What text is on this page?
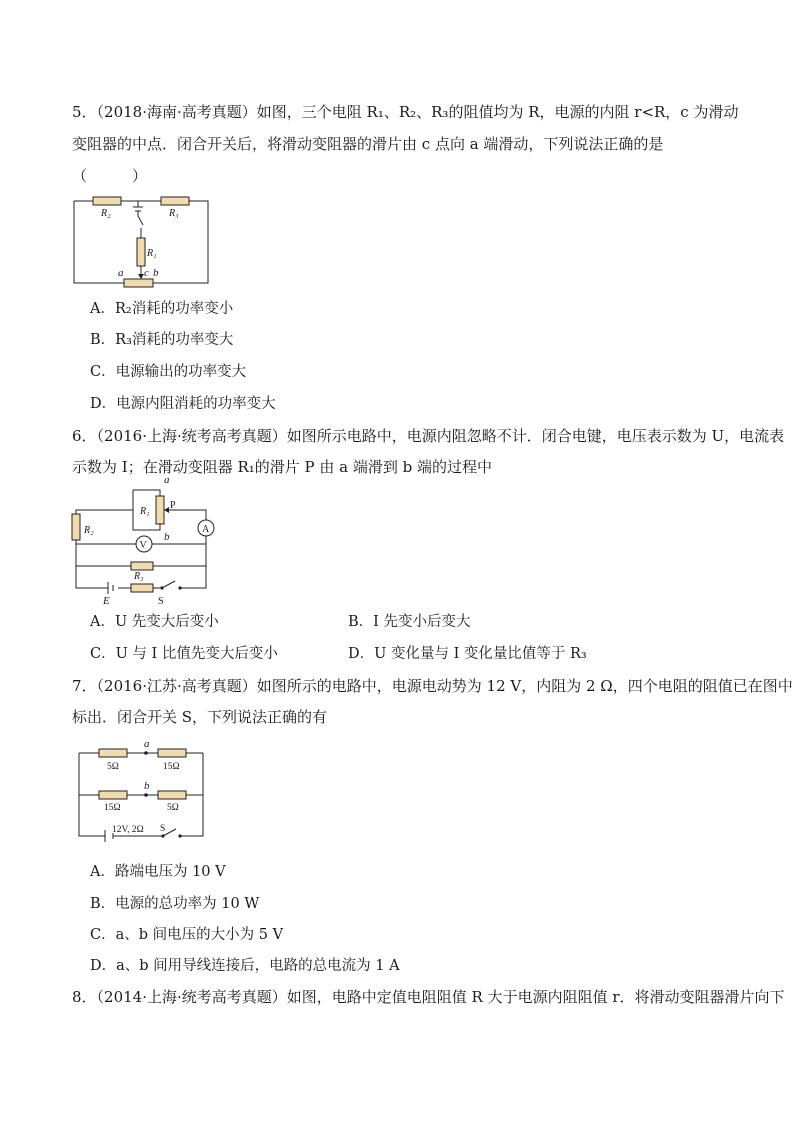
5．（2018·海南·高考真题）如图，三个电阻 R₁、R₂、R₃的阻值均为 R，电源的内阻 r<R，c 为滑动
变阻器的中点．闭合开关后，将滑动变阻器的滑片由 c 点向 a 端滑动，下列说法正确的是
（　　　）
R₂	R₃
R₁
a c b
A．R₂消耗的功率变小
B．R₃消耗的功率变大
C．电源输出的功率变大
D．电源内阻消耗的功率变大
6．（2016·上海·统考高考真题）如图所示电路中，电源内阻忽略不计．闭合电键，电压表示数为 U，电流表
示数为 I；在滑动变阻器 R₁的滑片 P 由 a 端滑到 b 端的过程中
a
b
P
R₁
R₂
R₃
V
A
E	S
A．U 先变大后变小	B．I 先变小后变大
C．U 与 I 比值先变大后变小	D．U 变化量与 I 变化量比值等于 R₃
7．（2016·江苏·高考真题）如图所示的电路中，电源电动势为 12 V，内阻为 2 Ω，四个电阻的阻值已在图中
标出．闭合开关 S，下列说法正确的有
a
b
5Ω	15Ω
15Ω	5Ω
12V, 2Ω S
A．路端电压为 10 V
B．电源的总功率为 10 W
C．a、b 间电压的大小为 5 V
D．a、b 间用导线连接后，电路的总电流为 1 A
8．（2014·上海·统考高考真题）如图，电路中定值电阻阻值 R 大于电源内阻阻值 r．将滑动变阻器滑片向下
